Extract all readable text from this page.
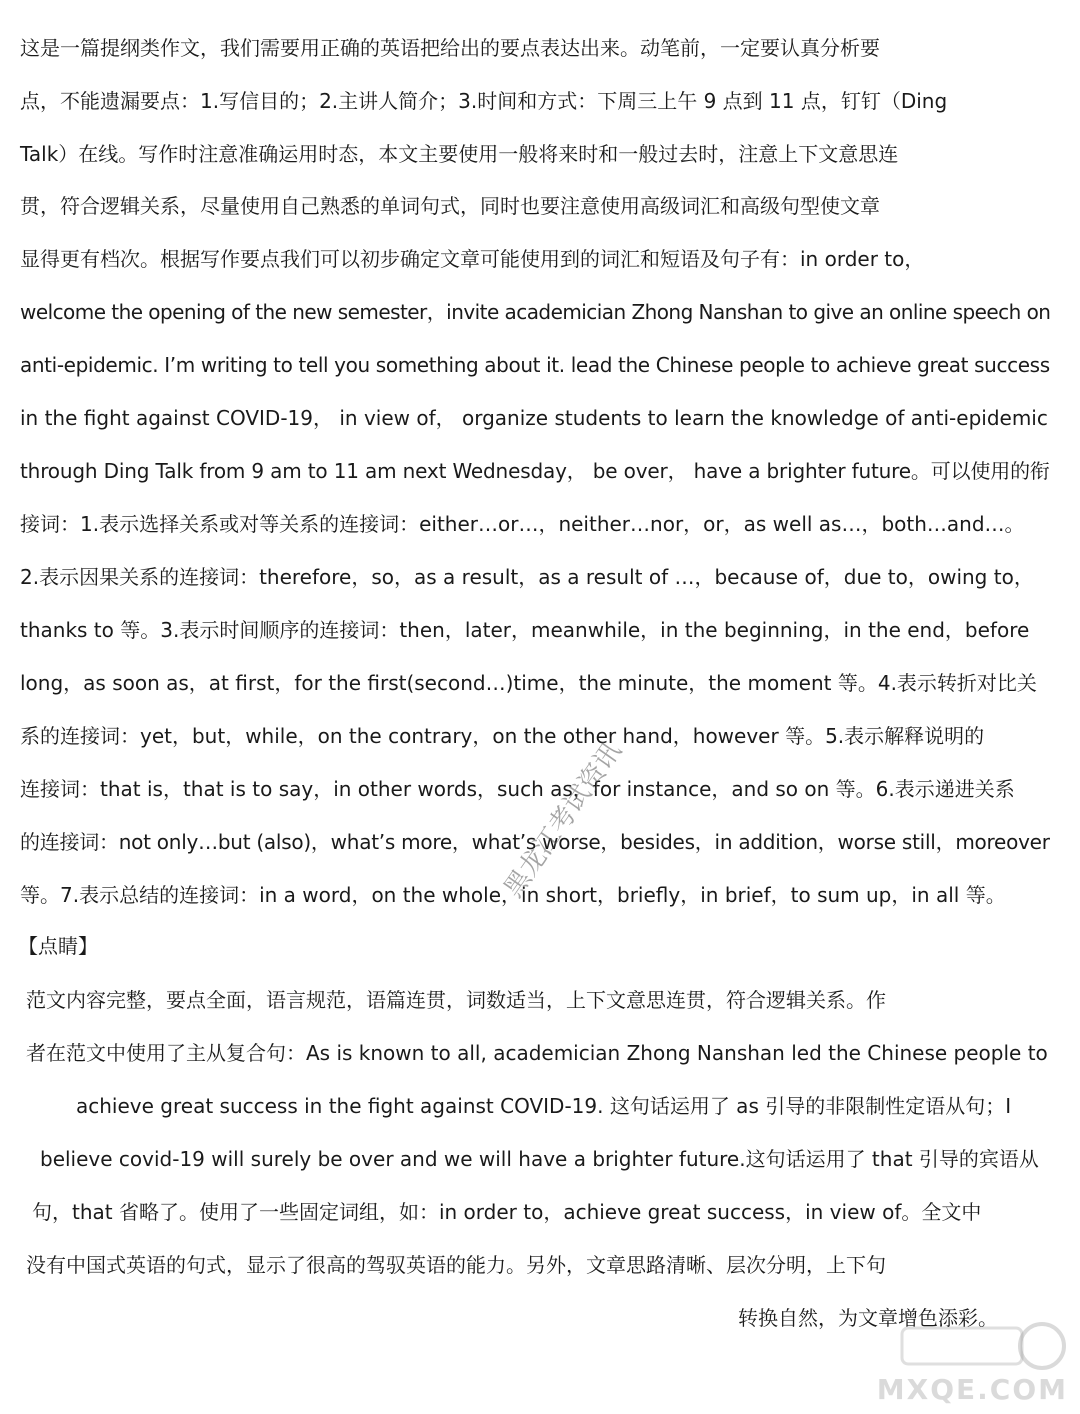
这是一篇提纲类作文，我们需要用正确的英语把给出的要点表达出来。动笔前，一定要认真分析要
点，不能遗漏要点：1.写信目的；2.主讲人简介；3.时间和方式：下周三上午 9 点到 11 点，钉钉（Ding
Talk）在线。写作时注意准确运用时态，本文主要使用一般将来时和一般过去时，注意上下文意思连
贯，符合逻辑关系，尽量使用自己熟悉的单词句式，同时也要注意使用高级词汇和高级句型使文章
显得更有档次。根据写作要点我们可以初步确定文章可能使用到的词汇和短语及句子有：in order to，
welcome the opening of the new semester，invite academician Zhong Nanshan to give an online speech on
anti-epidemic. I’m writing to tell you something about it. lead the Chinese people to achieve great success
in the fight against COVID-19， in view of， organize students to learn the knowledge of anti-epidemic
through Ding Talk from 9 am to 11 am next Wednesday， be over， have a brighter future。可以使用的衔
接词：1.表示选择关系或对等关系的连接词：either…or…，neither…nor，or，as well as…，both…and…。
2.表示因果关系的连接词：therefore，so，as a result，as a result of …，because of，due to，owing to，
thanks to 等。3.表示时间顺序的连接词：then，later，meanwhile，in the beginning，in the end，before
long，as soon as，at first，for the first(second…)time，the minute，the moment 等。4.表示转折对比关
系的连接词：yet，but，while，on the contrary，on the other hand，however 等。5.表示解释说明的
连接词：that is，that is to say，in other words，such as，for instance，and so on 等。6.表示递进关系
的连接词：not only…but (also)，what’s more，what’s worse，besides，in addition，worse still，moreover
等。7.表示总结的连接词：in a word，on the whole，in short，briefly，in brief，to sum up，in all 等。
【点睛】
范文内容完整，要点全面，语言规范，语篇连贯，词数适当，上下文意思连贯，符合逻辑关系。作
者在范文中使用了主从复合句：As is known to all, academician Zhong Nanshan led the Chinese people to
achieve great success in the fight against COVID-19. 这句话运用了 as 引导的非限制性定语从句；I
believe covid-19 will surely be over and we will have a brighter future.这句话运用了 that 引导的宾语从
句，that 省略了。使用了一些固定词组，如：in order to，achieve great success，in view of。全文中
没有中国式英语的句式，显示了很高的驾驭英语的能力。另外，文章思路清晰、层次分明，上下句
转换自然，为文章增色添彩。
黑龙江考试资讯
MXQE.COM
